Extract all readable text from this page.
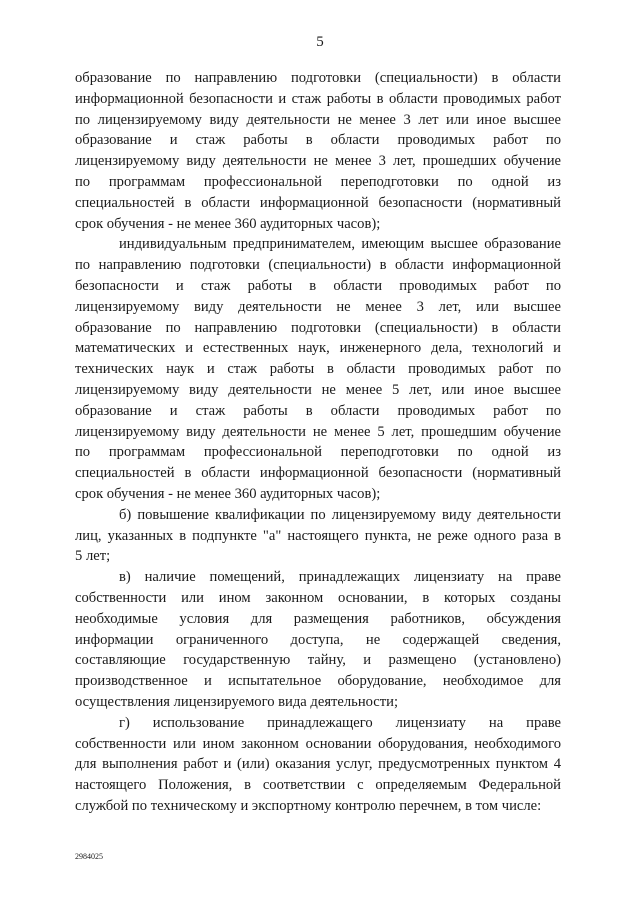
5
образование по направлению подготовки (специальности) в области
информационной безопасности и стаж работы в области проводимых работ
по лицензируемому виду деятельности не менее 3 лет или иное высшее
образование и стаж работы в области проводимых работ по
лицензируемому виду деятельности не менее 3 лет, прошедших обучение
по программам профессиональной переподготовки по одной из
специальностей в области информационной безопасности (нормативный
срок обучения - не менее 360 аудиторных часов);
индивидуальным предпринимателем, имеющим высшее образование
по направлению подготовки (специальности) в области информационной
безопасности и стаж работы в области проводимых работ по
лицензируемому виду деятельности не менее 3 лет, или высшее
образование по направлению подготовки (специальности) в области
математических и естественных наук, инженерного дела, технологий и
технических наук и стаж работы в области проводимых работ по
лицензируемому виду деятельности не менее 5 лет, или иное высшее
образование и стаж работы в области проводимых работ по
лицензируемому виду деятельности не менее 5 лет, прошедшим обучение
по программам профессиональной переподготовки по одной из
специальностей в области информационной безопасности (нормативный
срок обучения - не менее 360 аудиторных часов);
б) повышение квалификации по лицензируемому виду деятельности
лиц, указанных в подпункте "а" настоящего пункта, не реже одного раза в
5 лет;
в) наличие помещений, принадлежащих лицензиату на праве
собственности или ином законном основании, в которых созданы
необходимые условия для размещения работников, обсуждения
информации ограниченного доступа, не содержащей сведения,
составляющие государственную тайну, и размещено (установлено)
производственное и испытательное оборудование, необходимое для
осуществления лицензируемого вида деятельности;
г) использование принадлежащего лицензиату на праве
собственности или ином законном основании оборудования, необходимого
для выполнения работ и (или) оказания услуг, предусмотренных пунктом 4
настоящего Положения, в соответствии с определяемым Федеральной
службой по техническому и экспортному контролю перечнем, в том числе:
2984025
